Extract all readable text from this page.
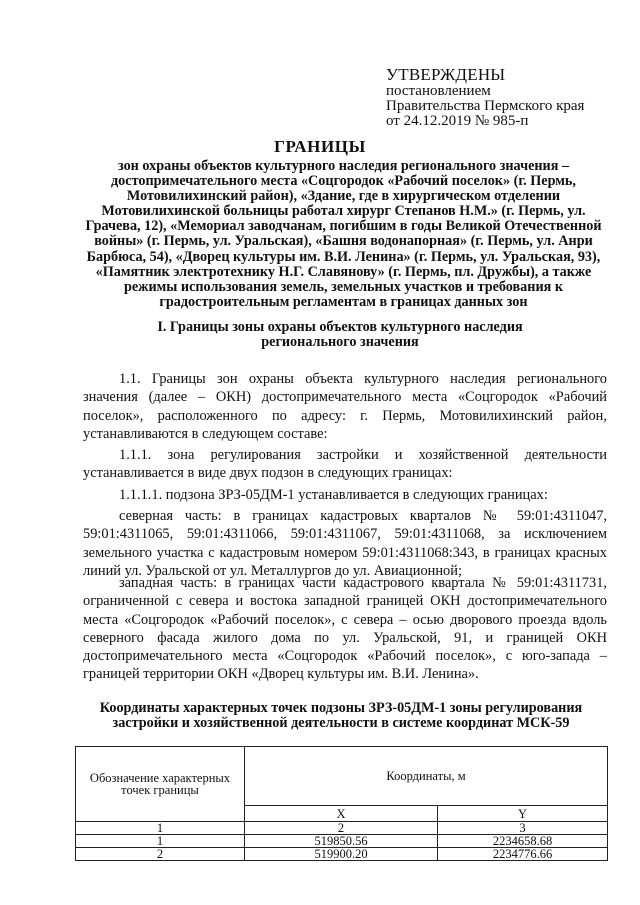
УТВЕРЖДЕНЫ
постановлением
Правительства Пермского края
от 24.12.2019 № 985-п
ГРАНИЦЫ
зон охраны объектов культурного наследия регионального значения – достопримечательного места «Соцгородок «Рабочий поселок» (г. Пермь, Мотовилихинский район), «Здание, где в хирургическом отделении Мотовилихинской больницы работал хирург Степанов Н.М.» (г. Пермь, ул. Грачева, 12), «Мемориал заводчанам, погибшим в годы Великой Отечественной войны» (г. Пермь, ул. Уральская), «Башня водонапорная» (г. Пермь, ул. Анри Барбюса, 54), «Дворец культуры им. В.И. Ленина» (г. Пермь, ул. Уральская, 93), «Памятник электротехнику Н.Г. Славянову» (г. Пермь, пл. Дружбы), а также режимы использования земель, земельных участков и требования к градостроительным регламентам в границах данных зон
I. Границы зоны охраны объектов культурного наследия регионального значения

1.1. Границы зон охраны объекта культурного наследия регионального значения (далее – ОКН) достопримечательного места «Соцгородок «Рабочий поселок», расположенного по адресу: г. Пермь, Мотовилихинский район, устанавливаются в следующем составе:

1.1.1. зона регулирования застройки и хозяйственной деятельности устанавливается в виде двух подзон в следующих границах:

1.1.1.1. подзона ЗРЗ-05ДМ-1 устанавливается в следующих границах:

северная часть: в границах кадастровых кварталов № 59:01:4311047, 59:01:4311065, 59:01:4311066, 59:01:4311067, 59:01:4311068, за исключением земельного участка с кадастровым номером 59:01:4311068:343, в границах красных линий ул. Уральской от ул. Металлургов до ул. Авиационной;

западная часть: в границах части кадастрового квартала № 59:01:4311731, ограниченной с севера и востока западной границей ОКН достопримечательного места «Соцгородок «Рабочий поселок», с севера – осью дворового проезда вдоль северного фасада жилого дома по ул. Уральской, 91, и границей ОКН достопримечательного места «Соцгородок «Рабочий поселок», с юго-запада – границей территории ОКН «Дворец культуры им. В.И. Ленина».

Координаты характерных точек подзоны ЗРЗ-05ДМ-1 зоны регулирования застройки и хозяйственной деятельности в системе координат МСК-59
Обозначение характерных точек границы	Координаты, м	
	X	Y
1	2	3
1	519850.56	2234658.68
2	519900.20	2234776.66
